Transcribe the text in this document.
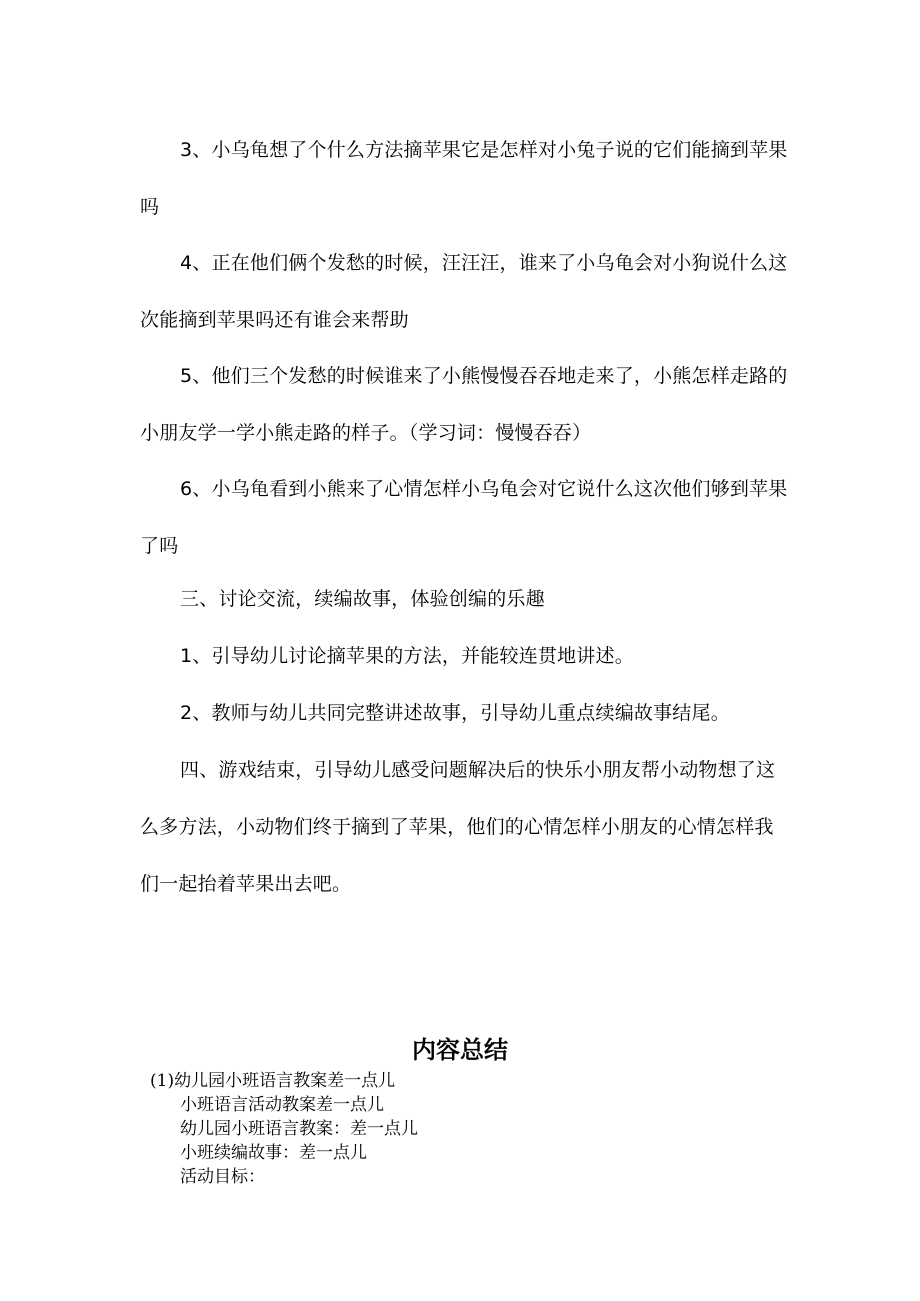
3、小乌龟想了个什么方法摘苹果它是怎样对小兔子说的它们能摘到苹果吗

4、正在他们俩个发愁的时候，汪汪汪，谁来了小乌龟会对小狗说什么这次能摘到苹果吗还有谁会来帮助

5、他们三个发愁的时候谁来了小熊慢慢吞吞地走来了，小熊怎样走路的小朋友学一学小熊走路的样子。（学习词：慢慢吞吞）

6、小乌龟看到小熊来了心情怎样小乌龟会对它说什么这次他们够到苹果了吗

三、讨论交流，续编故事，体验创编的乐趣

1、引导幼儿讨论摘苹果的方法，并能较连贯地讲述。

2、教师与幼儿共同完整讲述故事，引导幼儿重点续编故事结尾。

四、游戏结束，引导幼儿感受问题解决后的快乐小朋友帮小动物想了这么多方法，小动物们终于摘到了苹果，他们的心情怎样小朋友的心情怎样我们一起抬着苹果出去吧。

内容总结
(1)幼儿园小班语言教案差一点儿
小班语言活动教案差一点儿
幼儿园小班语言教案：差一点儿
小班续编故事：差一点儿
活动目标：
